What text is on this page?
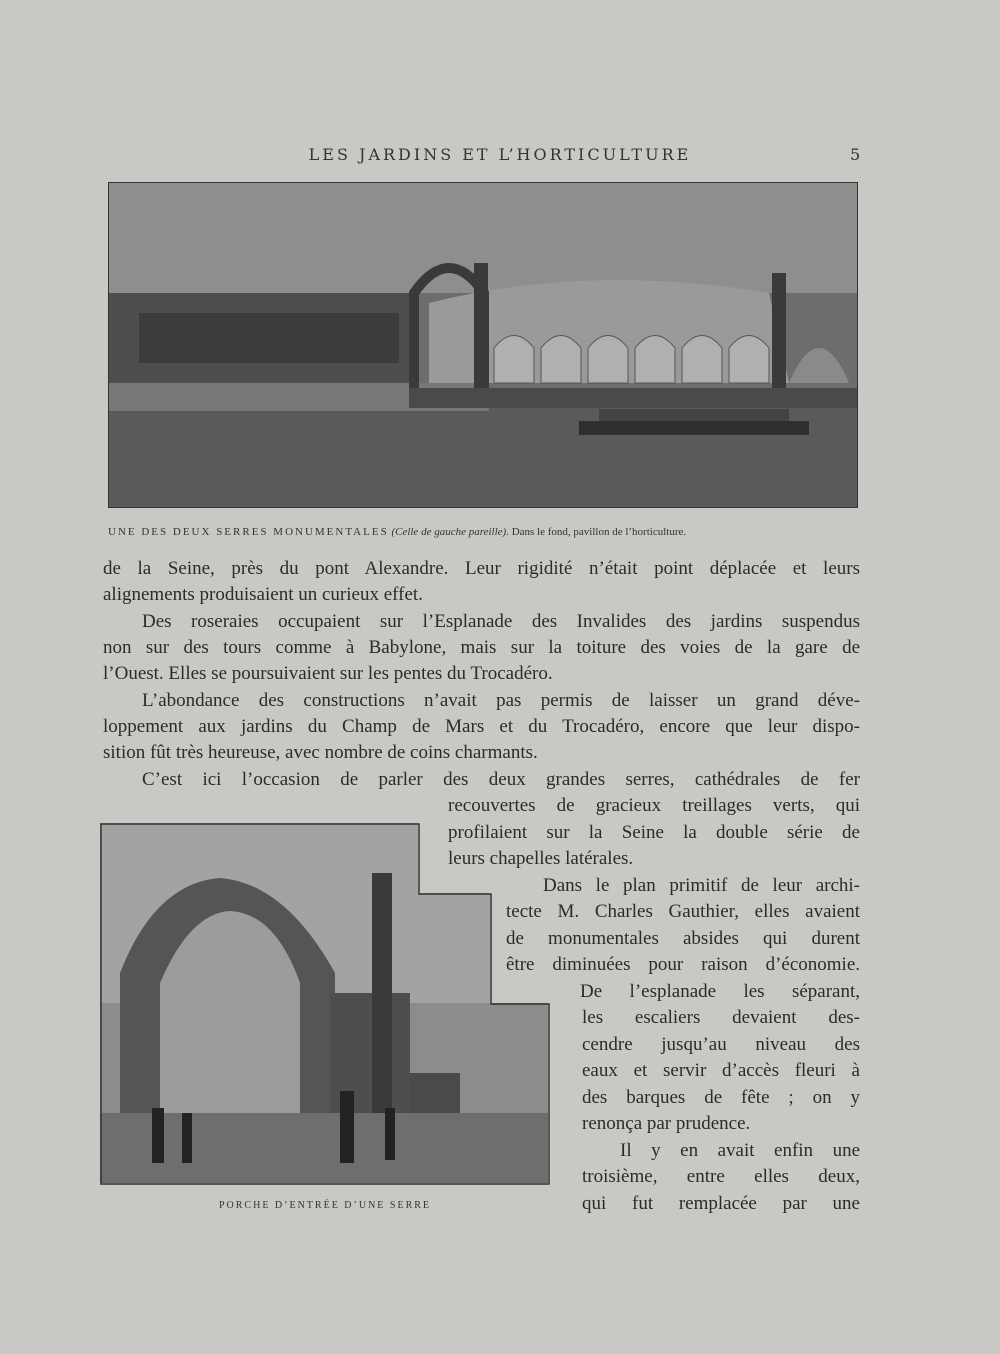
LES JARDINS ET L’HORTICULTURE	5
UNE DES DEUX SERRES MONUMENTALES (Celle de gauche pareille). Dans le fond, pavillon de l’horticulture.
PORCHE D’ENTRÉE D’UNE SERRE
de la Seine, près du pont Alexandre. Leur rigidité n’était point déplacée et leurs
alignements produisaient un curieux effet.
Des roseraies occupaient sur l’Esplanade des Invalides des jardins suspendus
non sur des tours comme à Babylone, mais sur la toiture des voies de la gare de
l’Ouest. Elles se poursuivaient sur les pentes du Trocadéro.
L’abondance des constructions n’avait pas permis de laisser un grand déve-
loppement aux jardins du Champ de Mars et du Trocadéro, encore que leur dispo-
sition fût très heureuse, avec nombre de coins charmants.
C’est ici l’occasion de parler des deux grandes serres, cathédrales de fer
recouvertes de gracieux treillages verts, qui
profilaient sur la Seine la double série de
leurs chapelles latérales.
Dans le plan primitif de leur archi-
tecte M. Charles Gauthier, elles avaient
de monumentales absides qui durent
être diminuées pour raison d’économie.
De l’esplanade les séparant,
les escaliers devaient des-
cendre jusqu’au niveau des
eaux et servir d’accès fleuri à
des barques de fête ; on y
renonça par prudence.
Il y en avait enfin une
troisième, entre elles deux,
qui fut remplacée par une
